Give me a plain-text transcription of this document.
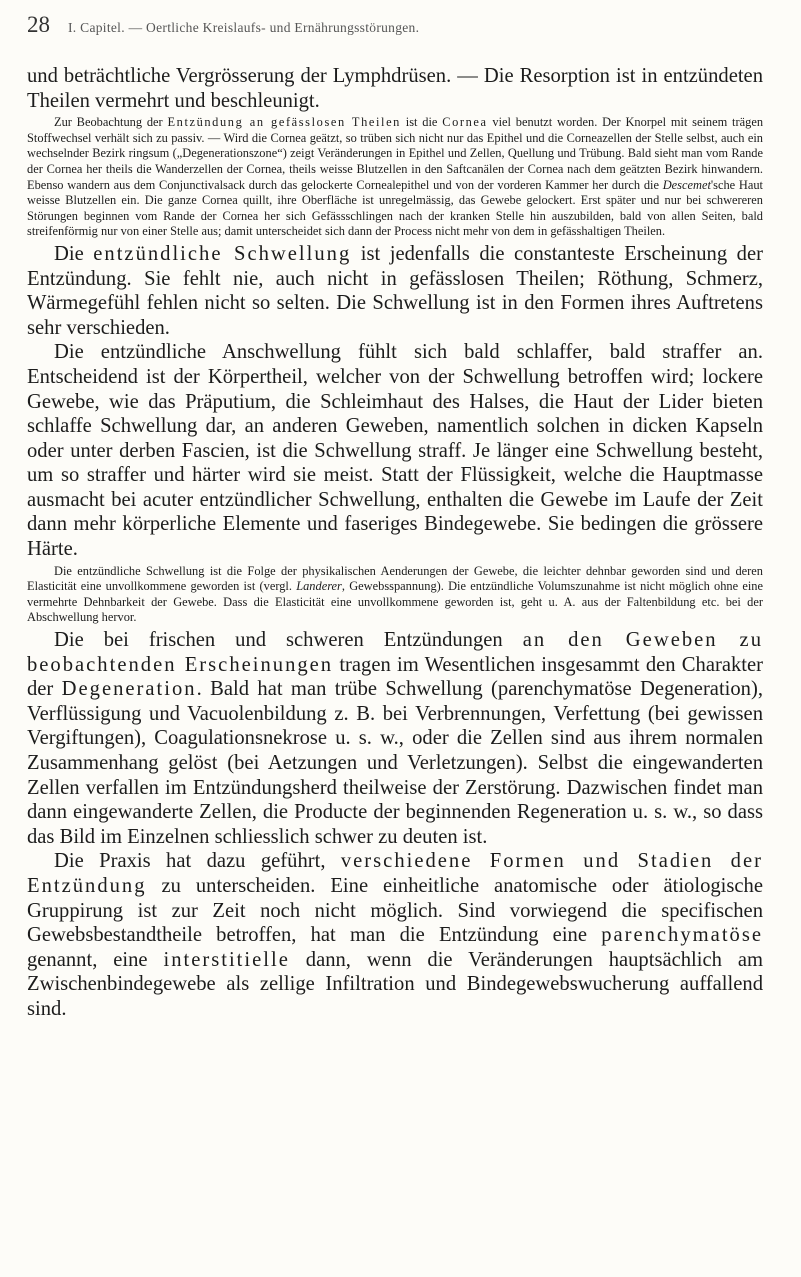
28 I. Capitel. — Oertliche Kreislaufs- und Ernährungsstörungen.

und beträchtliche Vergrösserung der Lymphdrüsen. — Die Resorption ist in entzündeten Theilen vermehrt und beschleunigt.

Zur Beobachtung der Entzündung an gefässlosen Theilen ist die Cornea viel benutzt worden. Der Knorpel mit seinem trägen Stoffwechsel verhält sich zu passiv. — Wird die Cornea geätzt, so trüben sich nicht nur das Epithel und die Corneazellen der Stelle selbst, auch ein wechselnder Bezirk ringsum („Degenerationszone“) zeigt Veränderungen in Epithel und Zellen, Quellung und Trübung. Bald sieht man vom Rande der Cornea her theils die Wanderzellen der Cornea, theils weisse Blutzellen in den Saftcanälen der Cornea nach dem geätzten Bezirk hinwandern. Ebenso wandern aus dem Conjunctivalsack durch das gelockerte Cornealepithel und von der vorderen Kammer her durch die Descemet'sche Haut weisse Blutzellen ein. Die ganze Cornea quillt, ihre Oberfläche ist unregelmässig, das Gewebe gelockert. Erst später und nur bei schwereren Störungen beginnen vom Rande der Cornea her sich Gefässschlingen nach der kranken Stelle hin auszubilden, bald von allen Seiten, bald streifenförmig nur von einer Stelle aus; damit unterscheidet sich dann der Process nicht mehr von dem in gefässhaltigen Theilen.

Die entzündliche Schwellung ist jedenfalls die constanteste Erscheinung der Entzündung. Sie fehlt nie, auch nicht in gefässlosen Theilen; Röthung, Schmerz, Wärmegefühl fehlen nicht so selten. Die Schwellung ist in den Formen ihres Auftretens sehr verschieden.

Die entzündliche Anschwellung fühlt sich bald schlaffer, bald straffer an. Entscheidend ist der Körpertheil, welcher von der Schwellung betroffen wird; lockere Gewebe, wie das Präputium, die Schleimhaut des Halses, die Haut der Lider bieten schlaffe Schwellung dar, an anderen Geweben, namentlich solchen in dicken Kapseln oder unter derben Fascien, ist die Schwellung straff. Je länger eine Schwellung besteht, um so straffer und härter wird sie meist. Statt der Flüssigkeit, welche die Hauptmasse ausmacht bei acuter entzündlicher Schwellung, enthalten die Gewebe im Laufe der Zeit dann mehr körperliche Elemente und faseriges Bindegewebe. Sie bedingen die grössere Härte.

Die entzündliche Schwellung ist die Folge der physikalischen Aenderungen der Gewebe, die leichter dehnbar geworden sind und deren Elasticität eine unvollkommene geworden ist (vergl. Landerer, Gewebsspannung). Die entzündliche Volumszunahme ist nicht möglich ohne eine vermehrte Dehnbarkeit der Gewebe. Dass die Elasticität eine unvollkommene geworden ist, geht u. A. aus der Faltenbildung etc. bei der Abschwellung hervor.

Die bei frischen und schweren Entzündungen an den Geweben zu beobachtenden Erscheinungen tragen im Wesentlichen insgesammt den Charakter der Degeneration. Bald hat man trübe Schwellung (parenchymatöse Degeneration), Verflüssigung und Vacuolenbildung z. B. bei Verbrennungen, Verfettung (bei gewissen Vergiftungen), Coagulationsnekrose u. s. w., oder die Zellen sind aus ihrem normalen Zusammenhang gelöst (bei Aetzungen und Verletzungen). Selbst die eingewanderten Zellen verfallen im Entzündungsherd theilweise der Zerstörung. Dazwischen findet man dann eingewanderte Zellen, die Producte der beginnenden Regeneration u. s. w., so dass das Bild im Einzelnen schliesslich schwer zu deuten ist.

Die Praxis hat dazu geführt, verschiedene Formen und Stadien der Entzündung zu unterscheiden. Eine einheitliche anatomische oder ätiologische Gruppirung ist zur Zeit noch nicht möglich. Sind vorwiegend die specifischen Gewebsbestandtheile betroffen, hat man die Entzündung eine parenchymatöse genannt, eine interstitielle dann, wenn die Veränderungen hauptsächlich am Zwischenbindegewebe als zellige Infiltration und Bindegewebswucherung auffallend sind.
